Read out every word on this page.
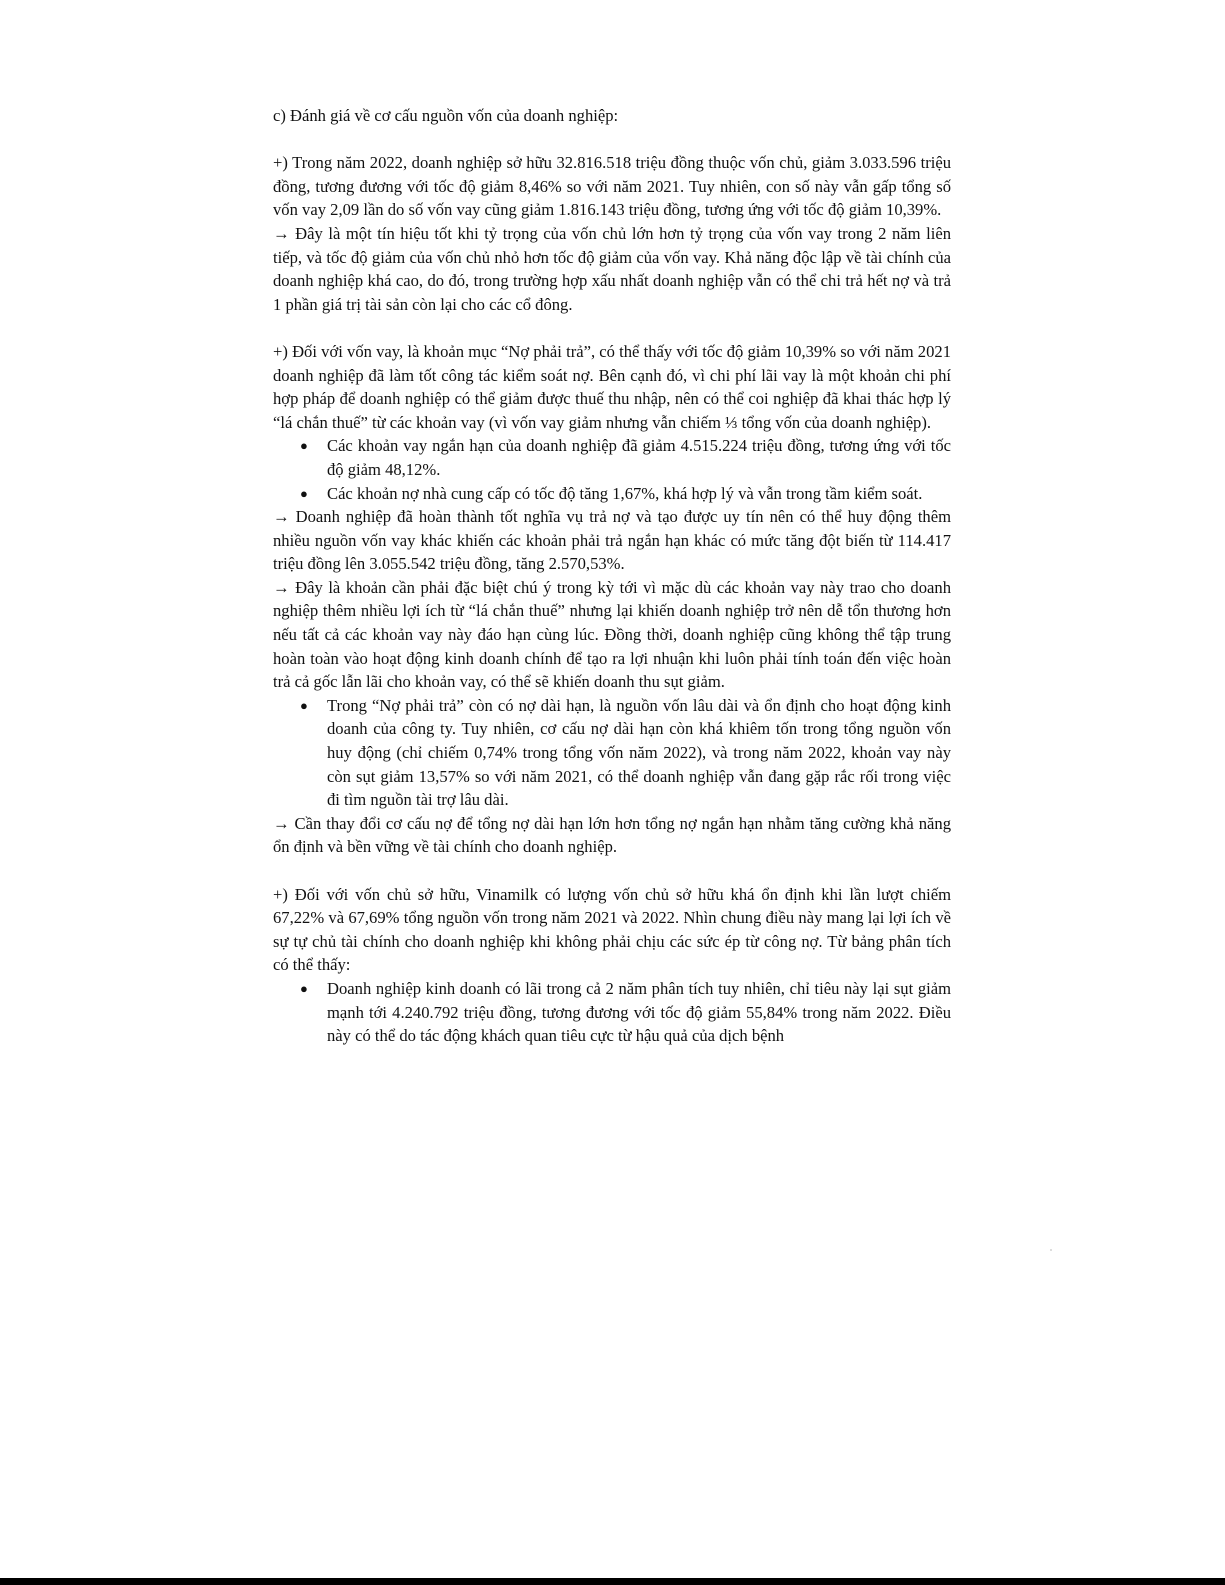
c) Đánh giá về cơ cấu nguồn vốn của doanh nghiệp:

+) Trong năm 2022, doanh nghiệp sở hữu 32.816.518 triệu đồng thuộc vốn chủ, giảm 3.033.596 triệu đồng, tương đương với tốc độ giảm 8,46% so với năm 2021. Tuy nhiên, con số này vẫn gấp tổng số vốn vay 2,09 lần do số vốn vay cũng giảm 1.816.143 triệu đồng, tương ứng với tốc độ giảm 10,39%.

→ Đây là một tín hiệu tốt khi tỷ trọng của vốn chủ lớn hơn tỷ trọng của vốn vay trong 2 năm liên tiếp, và tốc độ giảm của vốn chủ nhỏ hơn tốc độ giảm của vốn vay. Khả năng độc lập về tài chính của doanh nghiệp khá cao, do đó, trong trường hợp xấu nhất doanh nghiệp vẫn có thể chi trả hết nợ và trả 1 phần giá trị tài sản còn lại cho các cổ đông.

+) Đối với vốn vay, là khoản mục “Nợ phải trả”, có thể thấy với tốc độ giảm 10,39% so với năm 2021 doanh nghiệp đã làm tốt công tác kiểm soát nợ. Bên cạnh đó, vì chi phí lãi vay là một khoản chi phí hợp pháp để doanh nghiệp có thể giảm được thuế thu nhập, nên có thể coi nghiệp đã khai thác hợp lý “lá chắn thuế” từ các khoản vay (vì vốn vay giảm nhưng vẫn chiếm ⅓ tổng vốn của doanh nghiệp).

● Các khoản vay ngắn hạn của doanh nghiệp đã giảm 4.515.224 triệu đồng, tương ứng với tốc độ giảm 48,12%.
● Các khoản nợ nhà cung cấp có tốc độ tăng 1,67%, khá hợp lý và vẫn trong tầm kiểm soát.

→ Doanh nghiệp đã hoàn thành tốt nghĩa vụ trả nợ và tạo được uy tín nên có thể huy động thêm nhiều nguồn vốn vay khác khiến các khoản phải trả ngắn hạn khác có mức tăng đột biến từ 114.417 triệu đồng lên 3.055.542 triệu đồng, tăng 2.570,53%.

→ Đây là khoản cần phải đặc biệt chú ý trong kỳ tới vì mặc dù các khoản vay này trao cho doanh nghiệp thêm nhiều lợi ích từ “lá chắn thuế” nhưng lại khiến doanh nghiệp trở nên dễ tổn thương hơn nếu tất cả các khoản vay này đáo hạn cùng lúc. Đồng thời, doanh nghiệp cũng không thể tập trung hoàn toàn vào hoạt động kinh doanh chính để tạo ra lợi nhuận khi luôn phải tính toán đến việc hoàn trả cả gốc lẫn lãi cho khoản vay, có thể sẽ khiến doanh thu sụt giảm.

● Trong “Nợ phải trả” còn có nợ dài hạn, là nguồn vốn lâu dài và ổn định cho hoạt động kinh doanh của công ty. Tuy nhiên, cơ cấu nợ dài hạn còn khá khiêm tốn trong tổng nguồn vốn huy động (chỉ chiếm 0,74% trong tổng vốn năm 2022), và trong năm 2022, khoản vay này còn sụt giảm 13,57% so với năm 2021, có thể doanh nghiệp vẫn đang gặp rắc rối trong việc đi tìm nguồn tài trợ lâu dài.

→ Cần thay đổi cơ cấu nợ để tổng nợ dài hạn lớn hơn tổng nợ ngắn hạn nhằm tăng cường khả năng ổn định và bền vững về tài chính cho doanh nghiệp.

+) Đối với vốn chủ sở hữu, Vinamilk có lượng vốn chủ sở hữu khá ổn định khi lần lượt chiếm 67,22% và 67,69% tổng nguồn vốn trong năm 2021 và 2022. Nhìn chung điều này mang lại lợi ích về sự tự chủ tài chính cho doanh nghiệp khi không phải chịu các sức ép từ công nợ. Từ bảng phân tích có thể thấy:

● Doanh nghiệp kinh doanh có lãi trong cả 2 năm phân tích tuy nhiên, chỉ tiêu này lại sụt giảm mạnh tới 4.240.792 triệu đồng, tương đương với tốc độ giảm 55,84% trong năm 2022. Điều này có thể do tác động khách quan tiêu cực từ hậu quả của dịch bệnh
